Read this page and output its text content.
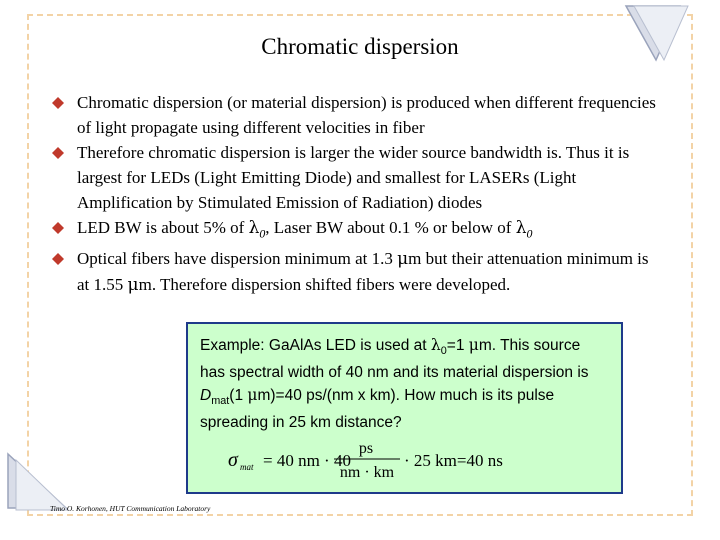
Chromatic dispersion
Chromatic dispersion (or material dispersion) is produced when different frequencies of light propagate using different velocities in fiber
Therefore chromatic dispersion is larger the wider source bandwidth is. Thus it is largest for LEDs (Light Emitting Diode) and smallest for LASERs (Light Amplification by Stimulated Emission of Radiation) diodes
LED BW is about 5% of $\lambda_0$, Laser BW about 0.1 % or below of $\lambda_0$
Optical fibers have dispersion minimum at 1.3 μm but their attenuation minimum is at 1.55 μm. Therefore dispersion shifted fibers were developed.
Example: GaAlAs LED is used at $\lambda_0=1$ μm. This source has spectral width of 40 nm and its material dispersion is $D_{mat}(1$ μm)=40 ps/(nm x km). How much is its pulse spreading in 25 km distance?
σ mat = 40 nm · 40
ps
nm · km
· 25 km=40 ns
Timo O. Korhonen, HUT Communication Laboratory
